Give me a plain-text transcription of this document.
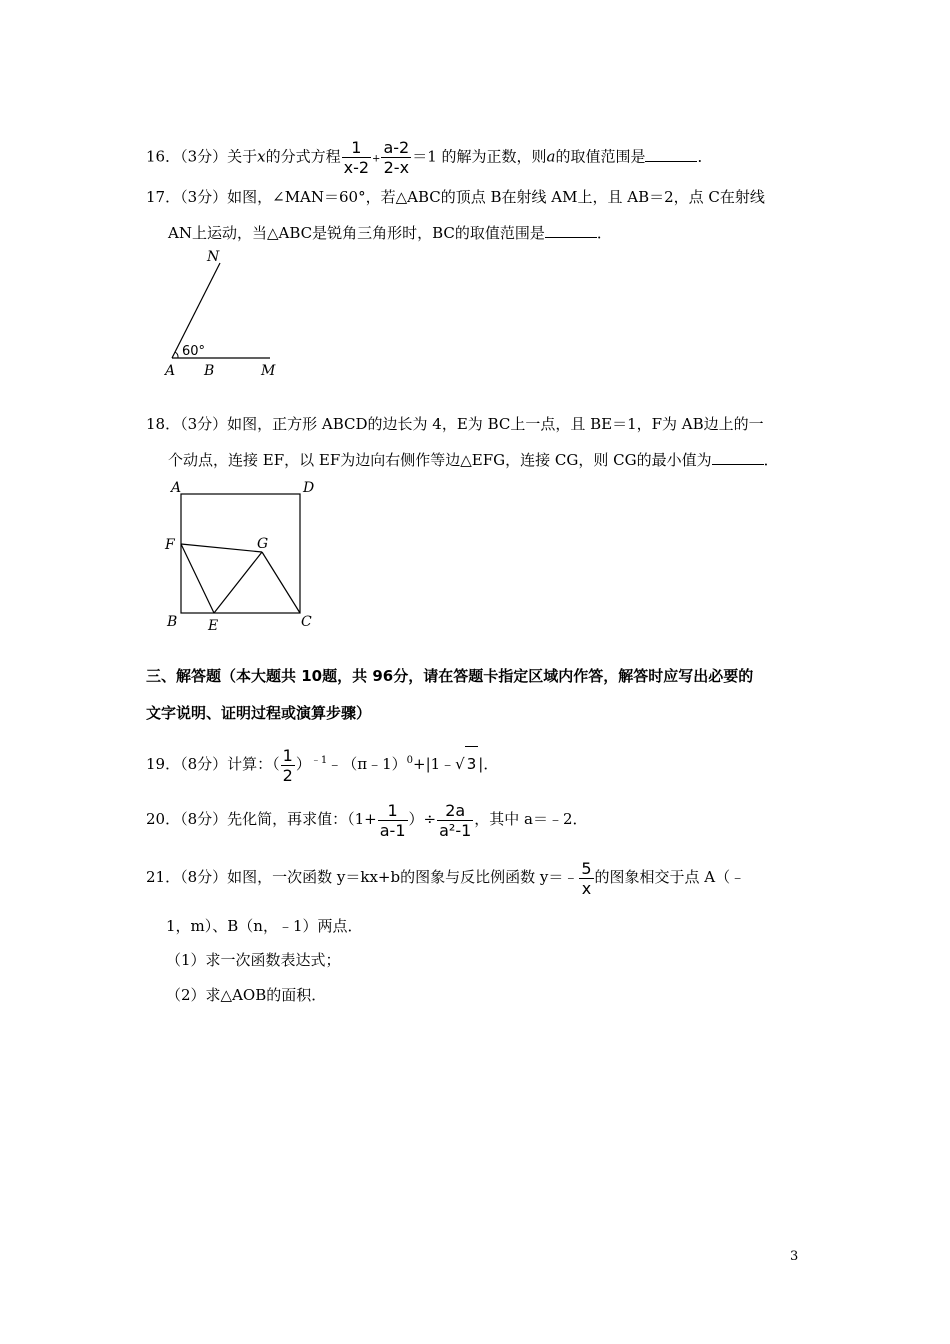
16．（3分）关于x的分式方程 $\frac{1}{x-2} + \frac{a-2}{2-x} =1$ 的解为正数，则a的取值范围是	．
17．（3分）如图，∠MAN＝60°，若△ABC的顶点 B在射线 AM上，且 AB＝2，点 C在射线
AN上运动，当△ABC是锐角三角形时，BC的取值范围是	．
N
60°
A B	M
18．（3分）如图，正方形 ABCD的边长为 4，E为 BC上一点，且 BE＝1，F为 AB边上的一
个动点，连接 EF，以 EF为边向右侧作等边△EFG，连接 CG，则 CG的最小值为	．
A	D
F	G
B E	C
三、解答题（本大题共 10题，共 96分，请在答题卡指定区域内作答，解答时应写出必要的
文字说明、证明过程或演算步骤）
19．（8分）计算：（ $\frac{1}{2}$ ）$^{﹣1}$﹣（π﹣1）$^0$+|1﹣√ 3 |．
20．（8分）先化简，再求值：（$1+ \frac{1}{a-1}$ ）÷ $\frac{2a}{\text{a²-1}}$ ，其中 a＝﹣2．
21．（8分）如图，一次函数 y＝kx+b的图象与反比例函数 y＝﹣ $\frac{5}{x}$ 的图象相交于点 A（﹣
1，m）、B（n，﹣1）两点．
（1）求一次函数表达式；
（2）求△AOB的面积．
3
